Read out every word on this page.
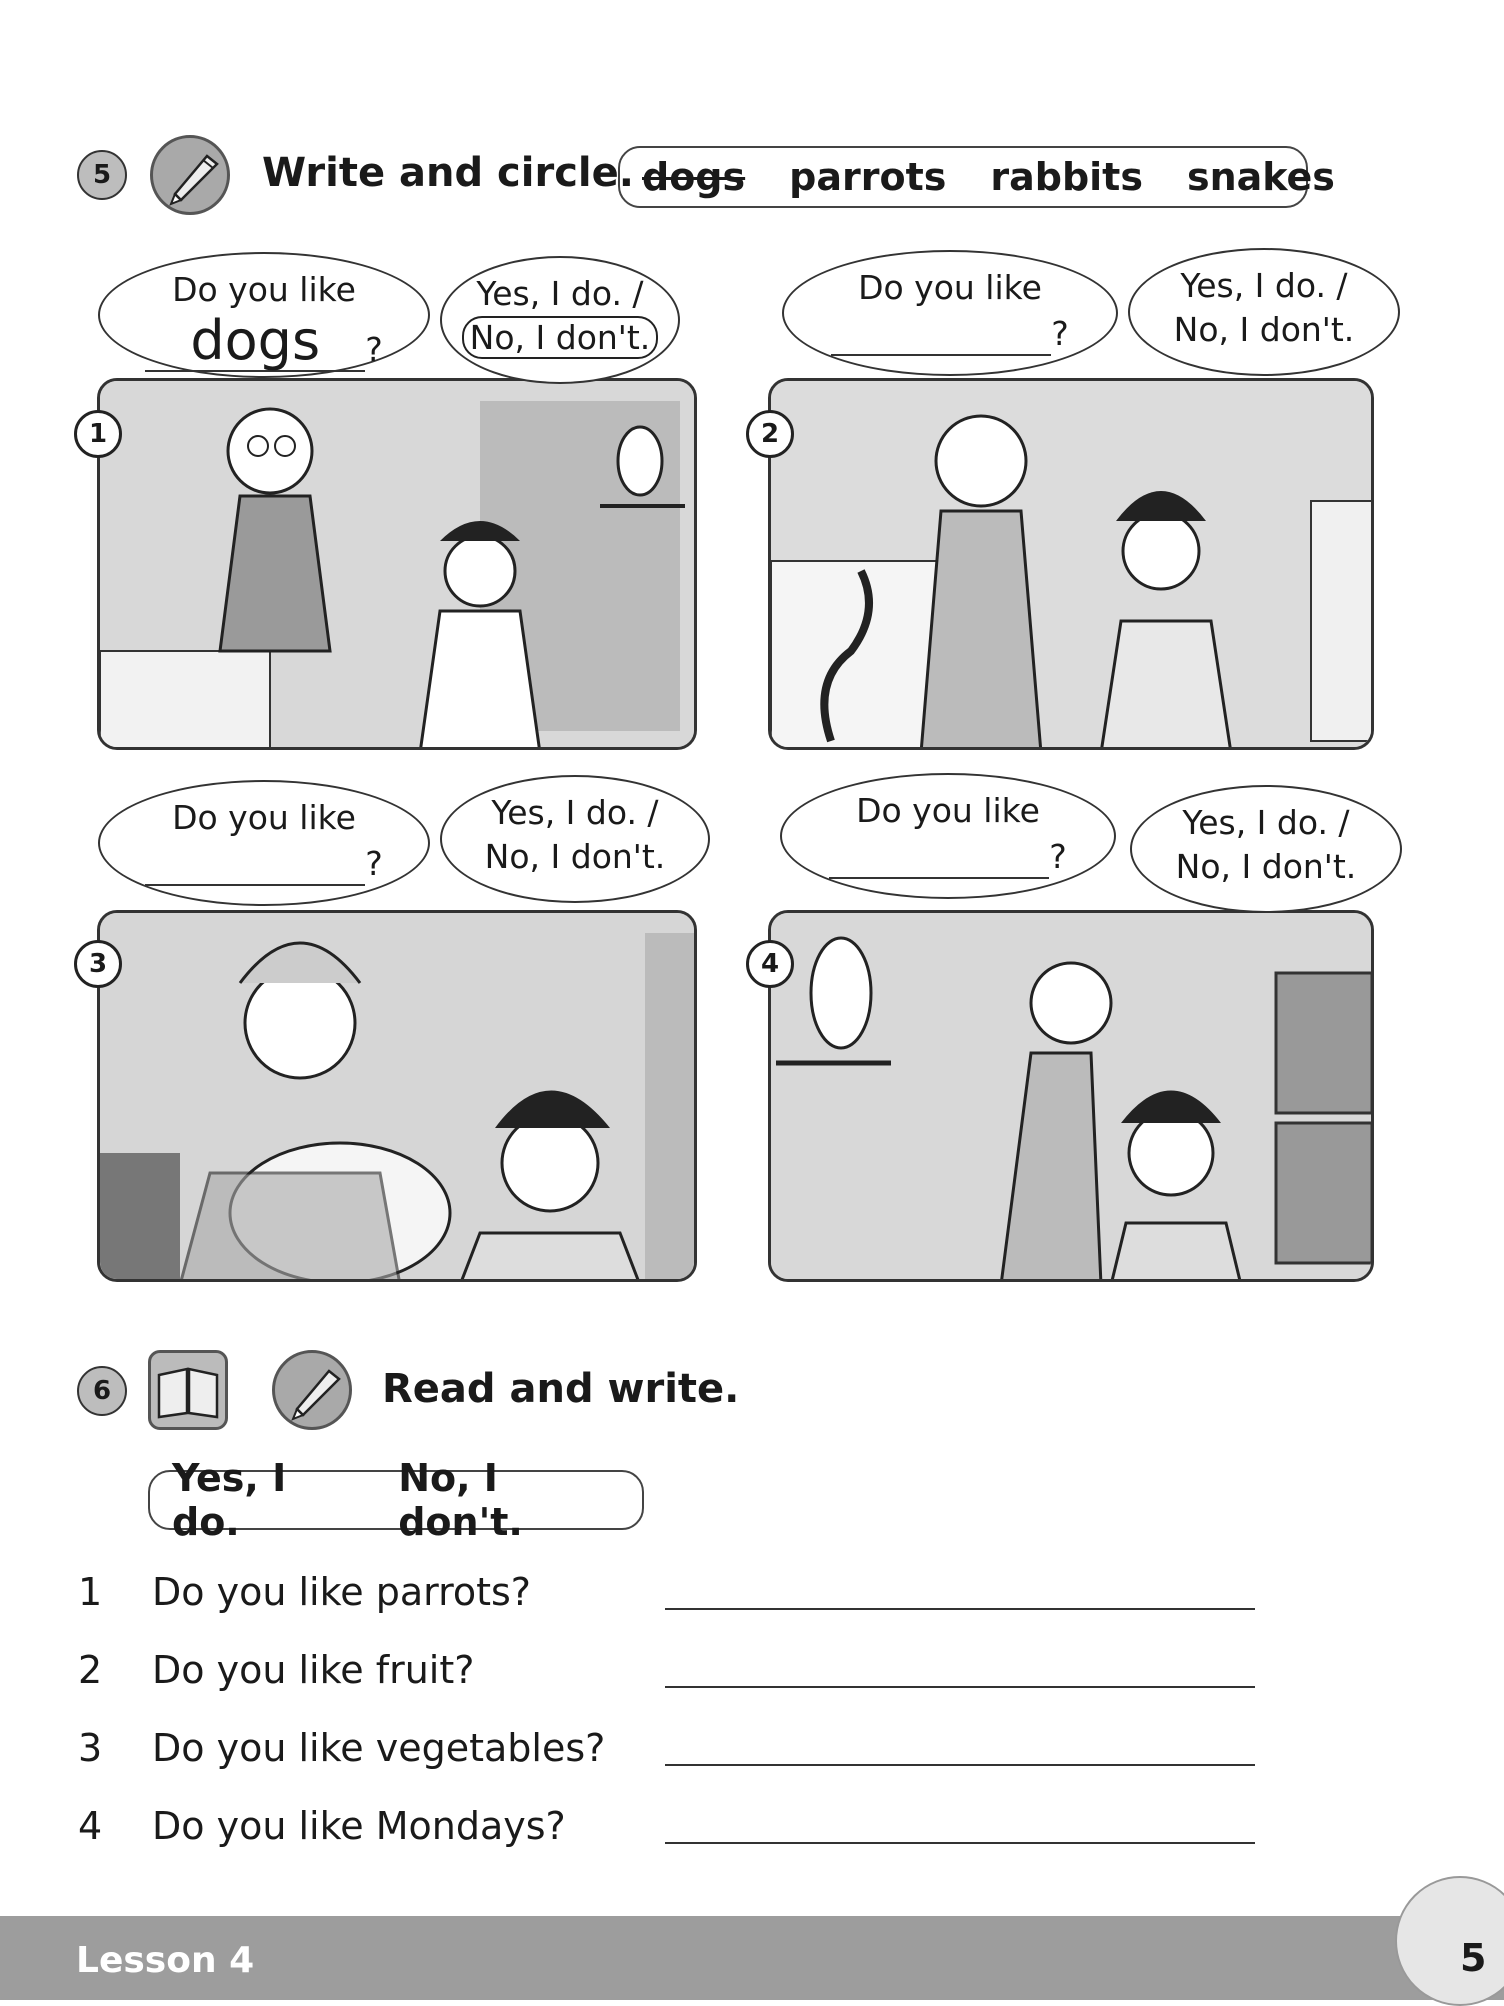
5	Write and circle. dogs parrots rabbits snakes
1
Do you like
dogs ?
Yes, I do. /
No, I don't.
2
Do you like
?
Yes, I do. /
No, I don't.
3
Do you like
?
Yes, I do. /
No, I don't.
4
Do you like
?
Yes, I do. /
No, I don't.
6	Read and write.
Yes, I do.
No, I don't.
1 Do you like parrots?
2 Do you like fruit?
3 Do you like vegetables?
4 Do you like Mondays?
Lesson 4	5
